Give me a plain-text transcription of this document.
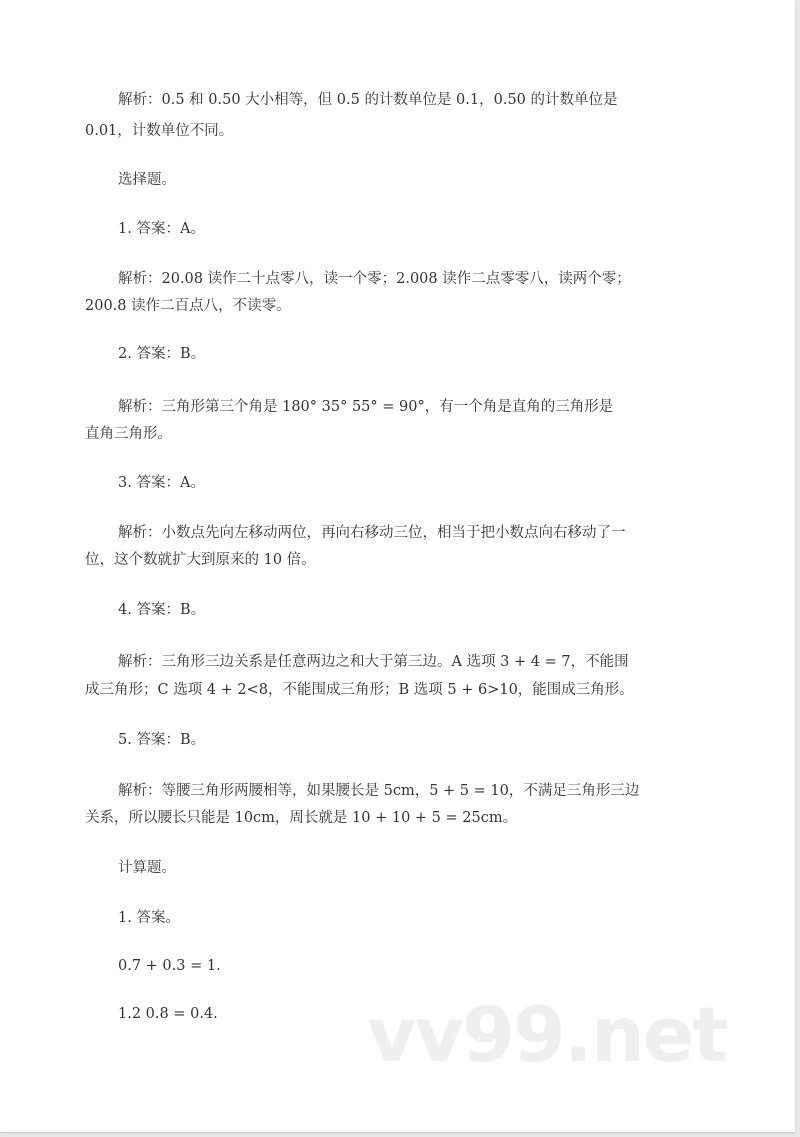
解析：0.5 和 0.50 大小相等，但 0.5 的计数单位是 0.1，0.50 的计数单位是
0.01，计数单位不同。
选择题。
1. 答案：A。
解析：20.08 读作二十点零八，读一个零；2.008 读作二点零零八，读两个零；
200.8 读作二百点八，不读零。
2. 答案：B。
解析：三角形第三个角是 180° 35° 55° = 90°，有一个角是直角的三角形是
直角三角形。
3. 答案：A。
解析：小数点先向左移动两位，再向右移动三位，相当于把小数点向右移动了一
位，这个数就扩大到原来的 10 倍。
4. 答案：B。
解析：三角形三边关系是任意两边之和大于第三边。A 选项 3 + 4 = 7，不能围
成三角形；C 选项 4 + 2<8，不能围成三角形；B 选项 5 + 6>10，能围成三角形。
5. 答案：B。
解析：等腰三角形两腰相等，如果腰长是 5cm，5 + 5 = 10，不满足三角形三边
关系，所以腰长只能是 10cm，周长就是 10 + 10 + 5 = 25cm。
计算题。
1. 答案。
0.7 + 0.3 = 1.
1.2 0.8 = 0.4. vv99.net
